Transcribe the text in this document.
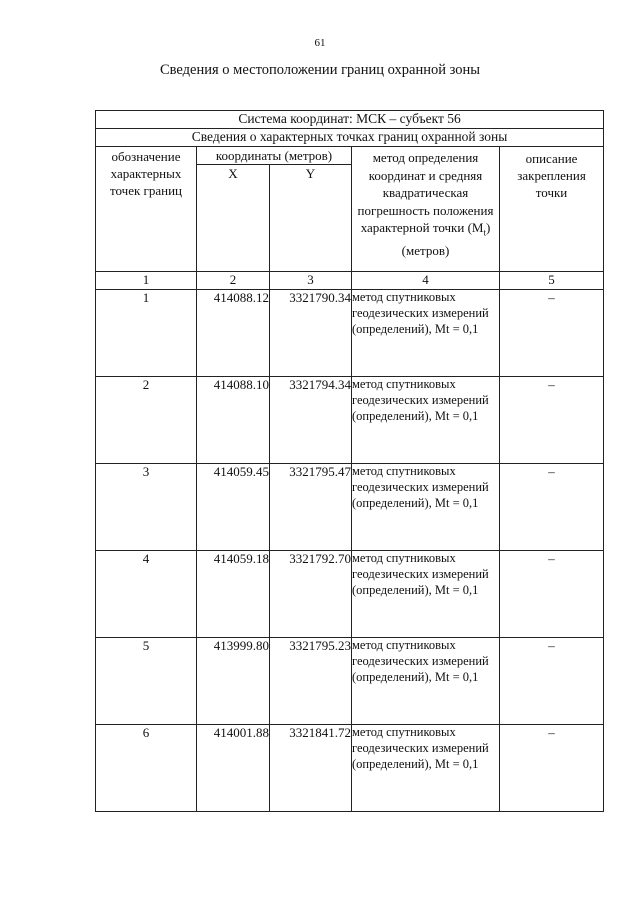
61
Сведения о местоположении границ охранной зоны
Система координат: МСК – субъект 56				
Сведения о характерных точках границ охранной зоны				
обозначение характерных точек границ	координаты (метров)		метод определения координат и средняя квадратическая погрешность положения характерной точки $(M_t)$ (метров)	описание закрепления точки
	X	Y		
1	2	3	4	5
1	414088.12	3321790.34	метод спутниковых геодезических измерений (определений), Mt = 0,1	–
2	414088.10	3321794.34	метод спутниковых геодезических измерений (определений), Mt = 0,1	–
3	414059.45	3321795.47	метод спутниковых геодезических измерений (определений), Mt = 0,1	–
4	414059.18	3321792.70	метод спутниковых геодезических измерений (определений), Mt = 0,1	–
5	413999.80	3321795.23	метод спутниковых геодезических измерений (определений), Mt = 0,1	–
6	414001.88	3321841.72	метод спутниковых геодезических измерений (определений), Mt = 0,1	–
